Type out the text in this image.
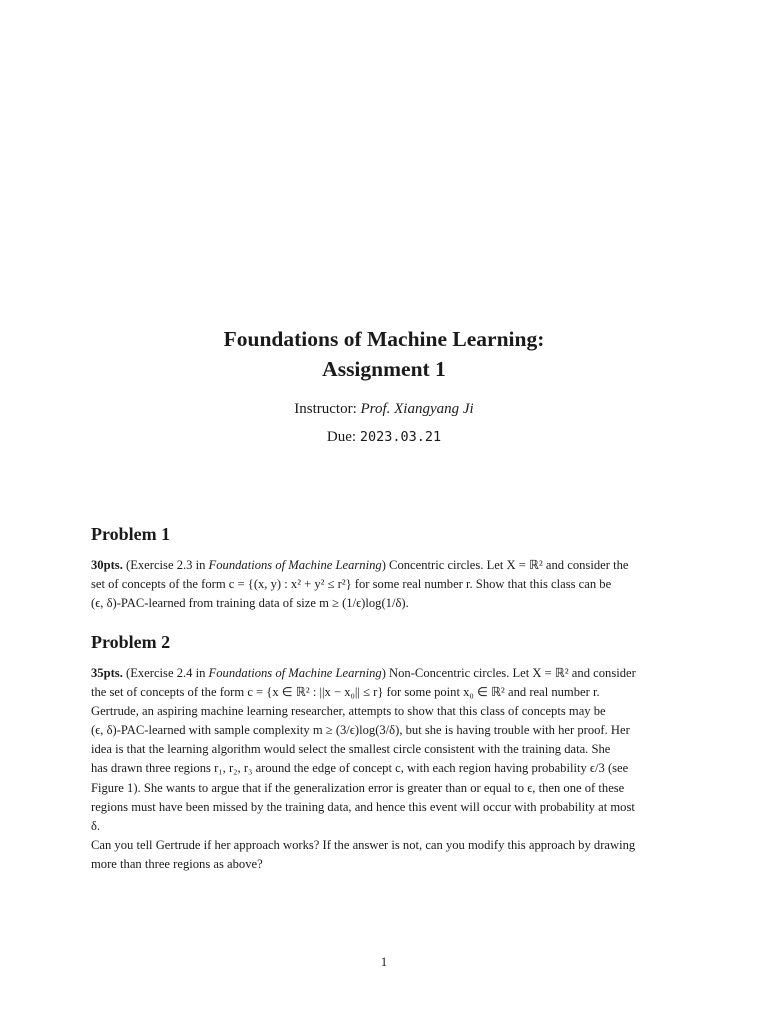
Foundations of Machine Learning:
Assignment 1
Instructor: Prof. Xiangyang Ji
Due: 2023.03.21
Problem 1
30pts. (Exercise 2.3 in Foundations of Machine Learning) Concentric circles. Let X = ℝ² and consider the
set of concepts of the form c = {(x, y) : x² + y² ≤ r²} for some real number r. Show that this class can be
(ϵ, δ)-PAC-learned from training data of size m ≥ (1/ϵ)log(1/δ).
Problem 2
35pts. (Exercise 2.4 in Foundations of Machine Learning) Non-Concentric circles. Let X = ℝ² and consider
the set of concepts of the form c = {x ∈ ℝ² : ||x − x₀|| ≤ r} for some point x₀ ∈ ℝ² and real number r.
Gertrude, an aspiring machine learning researcher, attempts to show that this class of concepts may be
(ϵ, δ)-PAC-learned with sample complexity m ≥ (3/ϵ)log(3/δ), but she is having trouble with her proof. Her
idea is that the learning algorithm would select the smallest circle consistent with the training data. She
has drawn three regions r₁, r₂, r₃ around the edge of concept c, with each region having probability ϵ/3 (see
Figure 1). She wants to argue that if the generalization error is greater than or equal to ϵ, then one of these
regions must have been missed by the training data, and hence this event will occur with probability at most
δ.
Can you tell Gertrude if her approach works? If the answer is not, can you modify this approach by drawing
more than three regions as above?
1
